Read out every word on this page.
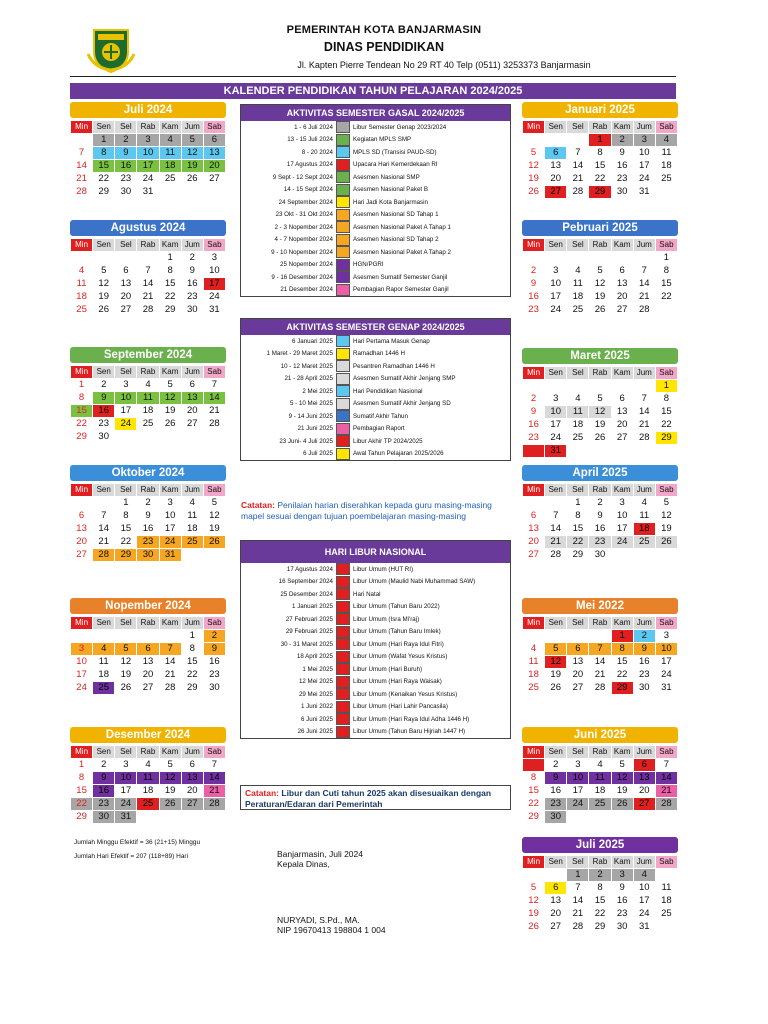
PEMERINTAH KOTA BANJARMASIN
DINAS PENDIDIKAN
Jl. Kapten Pierre Tendean No 29 RT 40 Telp (0511) 3253373 Banjarmasin
KALENDER PENDIDIKAN TAHUN PELAJARAN 2024/2025
Juli 2024
Min	Sen	Sel	Rab	Kam	Jum	Sab
	1	2	3	4	5	6
7	8	9	10	11	12	13
14	15	16	17	18	19	20
21	22	23	24	25	26	27
28	29	30	31			
Agustus 2024
Min	Sen	Sel	Rab	Kam	Jum	Sab
				1	2	3
4	5	6	7	8	9	10
11	12	13	14	15	16	17
18	19	20	21	22	23	24
25	26	27	28	29	30	31
September 2024
Min	Sen	Sel	Rab	Kam	Jum	Sab
1	2	3	4	5	6	7
8	9	10	11	12	13	14
15	16	17	18	19	20	21
22	23	24	25	26	27	28
29	30					
Oktober 2024
Min	Sen	Sel	Rab	Kam	Jum	Sab
		1	2	3	4	5
6	7	8	9	10	11	12
13	14	15	16	17	18	19
20	21	22	23	24	25	26
27	28	29	30	31		
Nopember 2024
Min	Sen	Sel	Rab	Kam	Jum	Sab
					1	2
3	4	5	6	7	8	9
10	11	12	13	14	15	16
17	18	19	20	21	22	23
24	25	26	27	28	29	30
Desember 2024
Min	Sen	Sel	Rab	Kam	Jum	Sab
1	2	3	4	5	6	7
8	9	10	11	12	13	14
15	16	17	18	19	20	21
22	23	24	25	26	27	28
29	30	31				
Januari 2025
Min	Sen	Sel	Rab	Kam	Jum	Sab
			1	2	3	4
5	6	7	8	9	10	11
12	13	14	15	16	17	18
19	20	21	22	23	24	25
26	27	28	29	30	31	
Pebruari 2025
Min	Sen	Sel	Rab	Kam	Jum	Sab
						1
2	3	4	5	6	7	8
9	10	11	12	13	14	15
16	17	18	19	20	21	22
23	24	25	26	27	28	
Maret 2025
Min	Sen	Sel	Rab	Kam	Jum	Sab
						1
2	3	4	5	6	7	8
9	10	11	12	13	14	15
16	17	18	19	20	21	22
23	24	25	26	27	28	29
30	31					
April 2025
Min	Sen	Sel	Rab	Kam	Jum	Sab
		1	2	3	4	5
6	7	8	9	10	11	12
13	14	15	16	17	18	19
20	21	22	23	24	25	26
27	28	29	30			
Mei 2022
Min	Sen	Sel	Rab	Kam	Jum	Sab
				1	2	3
4	5	6	7	8	9	10
11	12	13	14	15	16	17
18	19	20	21	22	23	24
25	26	27	28	29	30	31
Juni 2025
Min	Sen	Sel	Rab	Kam	Jum	Sab
1	2	3	4	5	6	7
8	9	10	11	12	13	14
15	16	17	18	19	20	21
22	23	24	25	26	27	28
29	30					
Juli 2025
Min	Sen	Sel	Rab	Kam	Jum	Sab
		1	2	3	4	
5	6	7	8	9	10	11
12	13	14	15	16	17	18
19	20	21	22	23	24	25
26	27	28	29	30	31	
AKTIVITAS SEMESTER GASAL 2024/2025
1 - 6 Juli 2024	Libur Semester Genap 2023/2024
13 - 15 Juli 2024	Kegiatan MPLS SMP
8 - 20 2024	MPLS SD (Transisi PAUD-SD)
17 Agustus 2024	Upacara Hari Kemerdekaan RI
9 Sept - 12 Sept 2024	Asesmen Nasional SMP
14 - 15 Sept 2024	Asesmen Nasional Paket B
24 September 2024	Hari Jadi Kota Banjarmasin
23 Okt - 31 Okt 2024	Asesmen Nasional SD Tahap 1
2 - 3 Nopember 2024	Asesmen Nasional Paket A Tahap 1
4 - 7 Nopember 2024	Asesmen Nasional SD Tahap 2
9 - 10 Nopember 2024	Asesmen Nasional Paket A Tahap 2
25 Nopember 2024	HGN/PGRI
9 - 16 Desember 2024	Asesmen Sumatif Semester Ganjil
21 Desember 2024	Pembagian Rapor Semester Ganjil
AKTIVITAS SEMESTER GENAP 2024/2025
6 Januari 2025	Hari Pertama Masuk Genap
1 Maret - 29 Maret 2025	Ramadhan 1446 H
10 - 12 Maret 2025	Pesantren Ramadhan 1446 H
21 - 28 April 2025	Asesmen Sumatif Akhir Jenjang SMP
2 Mei 2025	Hari Pendidikan Nasional
5 - 10 Mei 2025	Asesmen Sumatif Akhir Jenjang SD
9 - 14 Juni 2025	Sumatif Akhir Tahun
21 Juni 2025	Pembagian Raport
23 Juni- 4 Juli 2025	Libur Akhir TP 2024/2025
6 Juli 2025	Awal Tahun Pelajaran 2025/2026
Catatan: Penilaian harian diserahkan kepada guru masing-masing mapel sesuai dengan tujuan poembelajaran masing-masing
HARI LIBUR NASIONAL
17 Agustus 2024	Libur Umum (HUT RI)
16 September 2024	Libur Umum (Maulid Nabi Muhammad SAW)
25 Desember 2024	Hari Natal
1 Januari 2025	Libur Umum (Tahun Baru 2022)
27 Februari 2025	Libur Umum (Isra Mi'raj)
29 Februari 2025	Libur Umum (Tahun Baru Imlek)
30 - 31 Maret 2025	Libur Umum (Hari Raya Idul Fitri)
18 April 2025	Libur Umum (Wafat Yesus Kristus)
1 Mei 2025	Libur Umum (Hari Buruh)
12 Mei 2025	Libur Umum (Hari Raya Waisak)
29 Mei 2025	Libur Umum (Kenaikan Yesus Kristus)
1 Juni 2022	Libur Umum (Hari Lahir Pancasila)
6 Juni 2025	Libur Umum (Hari Raya Idul Adha 1446 H)
26 Juni 2025	Libur Umum (Tahun Baru Hijriah 1447 H)
Catatan: Libur dan Cuti tahun 2025 akan disesuaikan dengan Peraturan/Edaran dari Pemerintah
Jumlah Minggu Efektif = 36 (21+15) Minggu
Jumlah Hari Efektif = 207 (118+89) Hari	Banjarmasin, Juli 2024
Kepala Dinas,
NURYADI, S.Pd., MA.
NIP 19670413 198804 1 004
